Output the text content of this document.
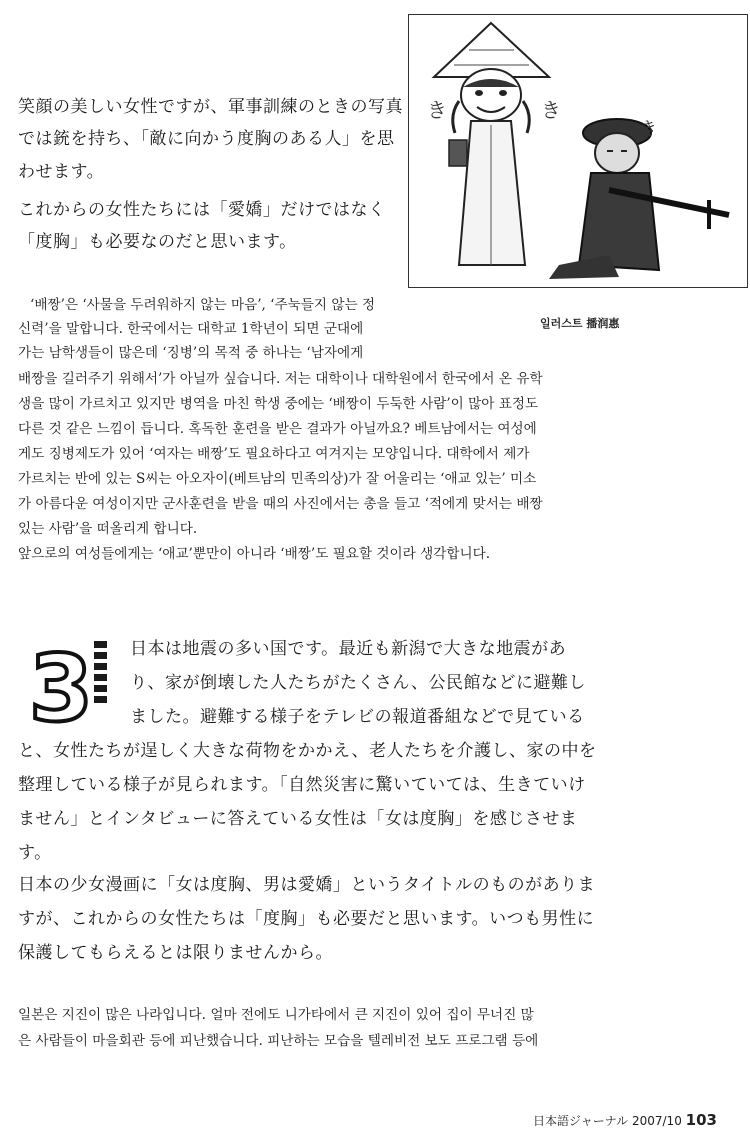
笑顔の美しい女性ですが、軍事訓練のときの写真
では銃を持ち、「敵に向かう度胸のある人」を思
わせます。
これからの女性たちには「愛嬌」だけではなく
「度胸」も必要なのだと思います。
き	き
き
일러스트 播润惠
‘배짱’은 ‘사물을 두려워하지 않는 마음’, ‘주눅들지 않는 정
신력’을 말합니다. 한국에서는 대학교 1학년이 되면 군대에
가는 남학생들이 많은데 ‘징병’의 목적 중 하나는 ‘남자에게
배짱을 길러주기 위해서’가 아닐까 싶습니다. 저는 대학이나 대학원에서 한국에서 온 유학
생을 많이 가르치고 있지만 병역을 마친 학생 중에는 ‘배짱이 두둑한 사람’이 많아 표정도
다른 것 같은 느낌이 듭니다. 혹독한 훈련을 받은 결과가 아닐까요? 베트남에서는 여성에
게도 징병제도가 있어 ‘여자는 배짱’도 필요하다고 여겨지는 모양입니다. 대학에서 제가
가르치는 반에 있는 S씨는 아오자이(베트남의 민족의상)가 잘 어울리는 ‘애교 있는’ 미소
가 아름다운 여성이지만 군사훈련을 받을 때의 사진에서는 총을 들고 ‘적에게 맞서는 배짱
있는 사람’을 떠올리게 합니다.
앞으로의 여성들에게는 ‘애교’뿐만이 아니라 ‘배짱’도 필요할 것이라 생각합니다.
3 日本は地震の多い国です。最近も新潟で大きな地震があ
り、家が倒壊した人たちがたくさん、公民館などに避難し
ました。避難する様子をテレビの報道番組などで見ている
と、女性たちが逞しく大きな荷物をかかえ、老人たちを介護し、家の中を
整理している様子が見られます。「自然災害に驚いていては、生きていけ
ません」とインタビューに答えている女性は「女は度胸」を感じさせま
す。
日本の少女漫画に「女は度胸、男は愛嬌」というタイトルのものがありま
すが、これからの女性たちは「度胸」も必要だと思います。いつも男性に
保護してもらえるとは限りませんから。
일본은 지진이 많은 나라입니다. 얼마 전에도 니가타에서 큰 지진이 있어 집이 무너진 많
은 사람들이 마을회관 등에 피난했습니다. 피난하는 모습을 텔레비전 보도 프로그램 등에
日本語ジャーナル 2007/10 103
